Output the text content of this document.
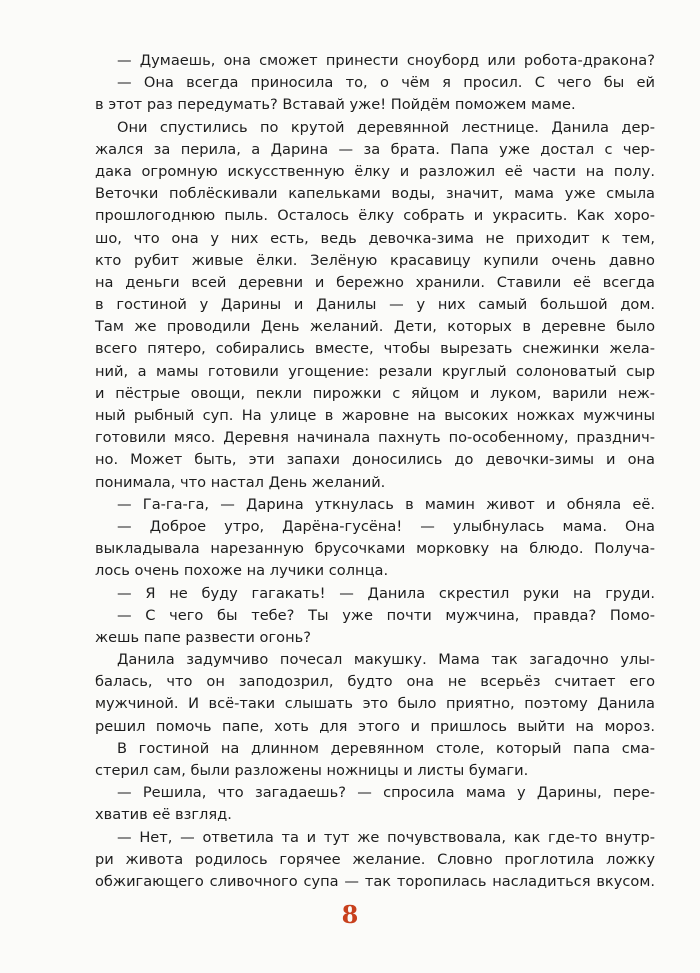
— Думаешь, она сможет принести сноуборд или робота-дракона?
— Она всегда приносила то, о чём я просил. С чего бы ей
в этот раз передумать? Вставай уже! Пойдём поможем маме.
Они спустились по крутой деревянной лестнице. Данила дер-
жался за перила, а Дарина — за брата. Папа уже достал с чер-
дака огромную искусственную ёлку и разложил её части на полу.
Веточки поблёскивали капельками воды, значит, мама уже смыла
прошлогоднюю пыль. Осталось ёлку собрать и украсить. Как хоро-
шо, что она у них есть, ведь девочка-зима не приходит к тем,
кто рубит живые ёлки. Зелёную красавицу купили очень давно
на деньги всей деревни и бережно хранили. Ставили её всегда
в гостиной у Дарины и Данилы — у них самый большой дом.
Там же проводили День желаний. Дети, которых в деревне было
всего пятеро, собирались вместе, чтобы вырезать снежинки жела-
ний, а мамы готовили угощение: резали круглый солоноватый сыр
и пёстрые овощи, пекли пирожки с яйцом и луком, варили неж-
ный рыбный суп. На улице в жаровне на высоких ножках мужчины
готовили мясо. Деревня начинала пахнуть по-особенному, празднич-
но. Может быть, эти запахи доносились до девочки-зимы и она
понимала, что настал День желаний.
— Га-га-га, — Дарина уткнулась в мамин живот и обняла её.
— Доброе утро, Дарёна-гусёна! — улыбнулась мама. Она
выкладывала нарезанную брусочками морковку на блюдо. Получа-
лось очень похоже на лучики солнца.
— Я не буду гагакать! — Данила скрестил руки на груди.
— С чего бы тебе? Ты уже почти мужчина, правда? Помо-
жешь папе развести огонь?
Данила задумчиво почесал макушку. Мама так загадочно улы-
балась, что он заподозрил, будто она не всерьёз считает его
мужчиной. И всё-таки слышать это было приятно, поэтому Данила
решил помочь папе, хоть для этого и пришлось выйти на мороз.
В гостиной на длинном деревянном столе, который папа сма-
стерил сам, были разложены ножницы и листы бумаги.
— Решила, что загадаешь? — спросила мама у Дарины, пере-
хватив её взгляд.
— Нет, — ответила та и тут же почувствовала, как где-то внутр-
ри живота родилось горячее желание. Словно проглотила ложку
обжигающего сливочного супа — так торопилась насладиться вкусом.
8
